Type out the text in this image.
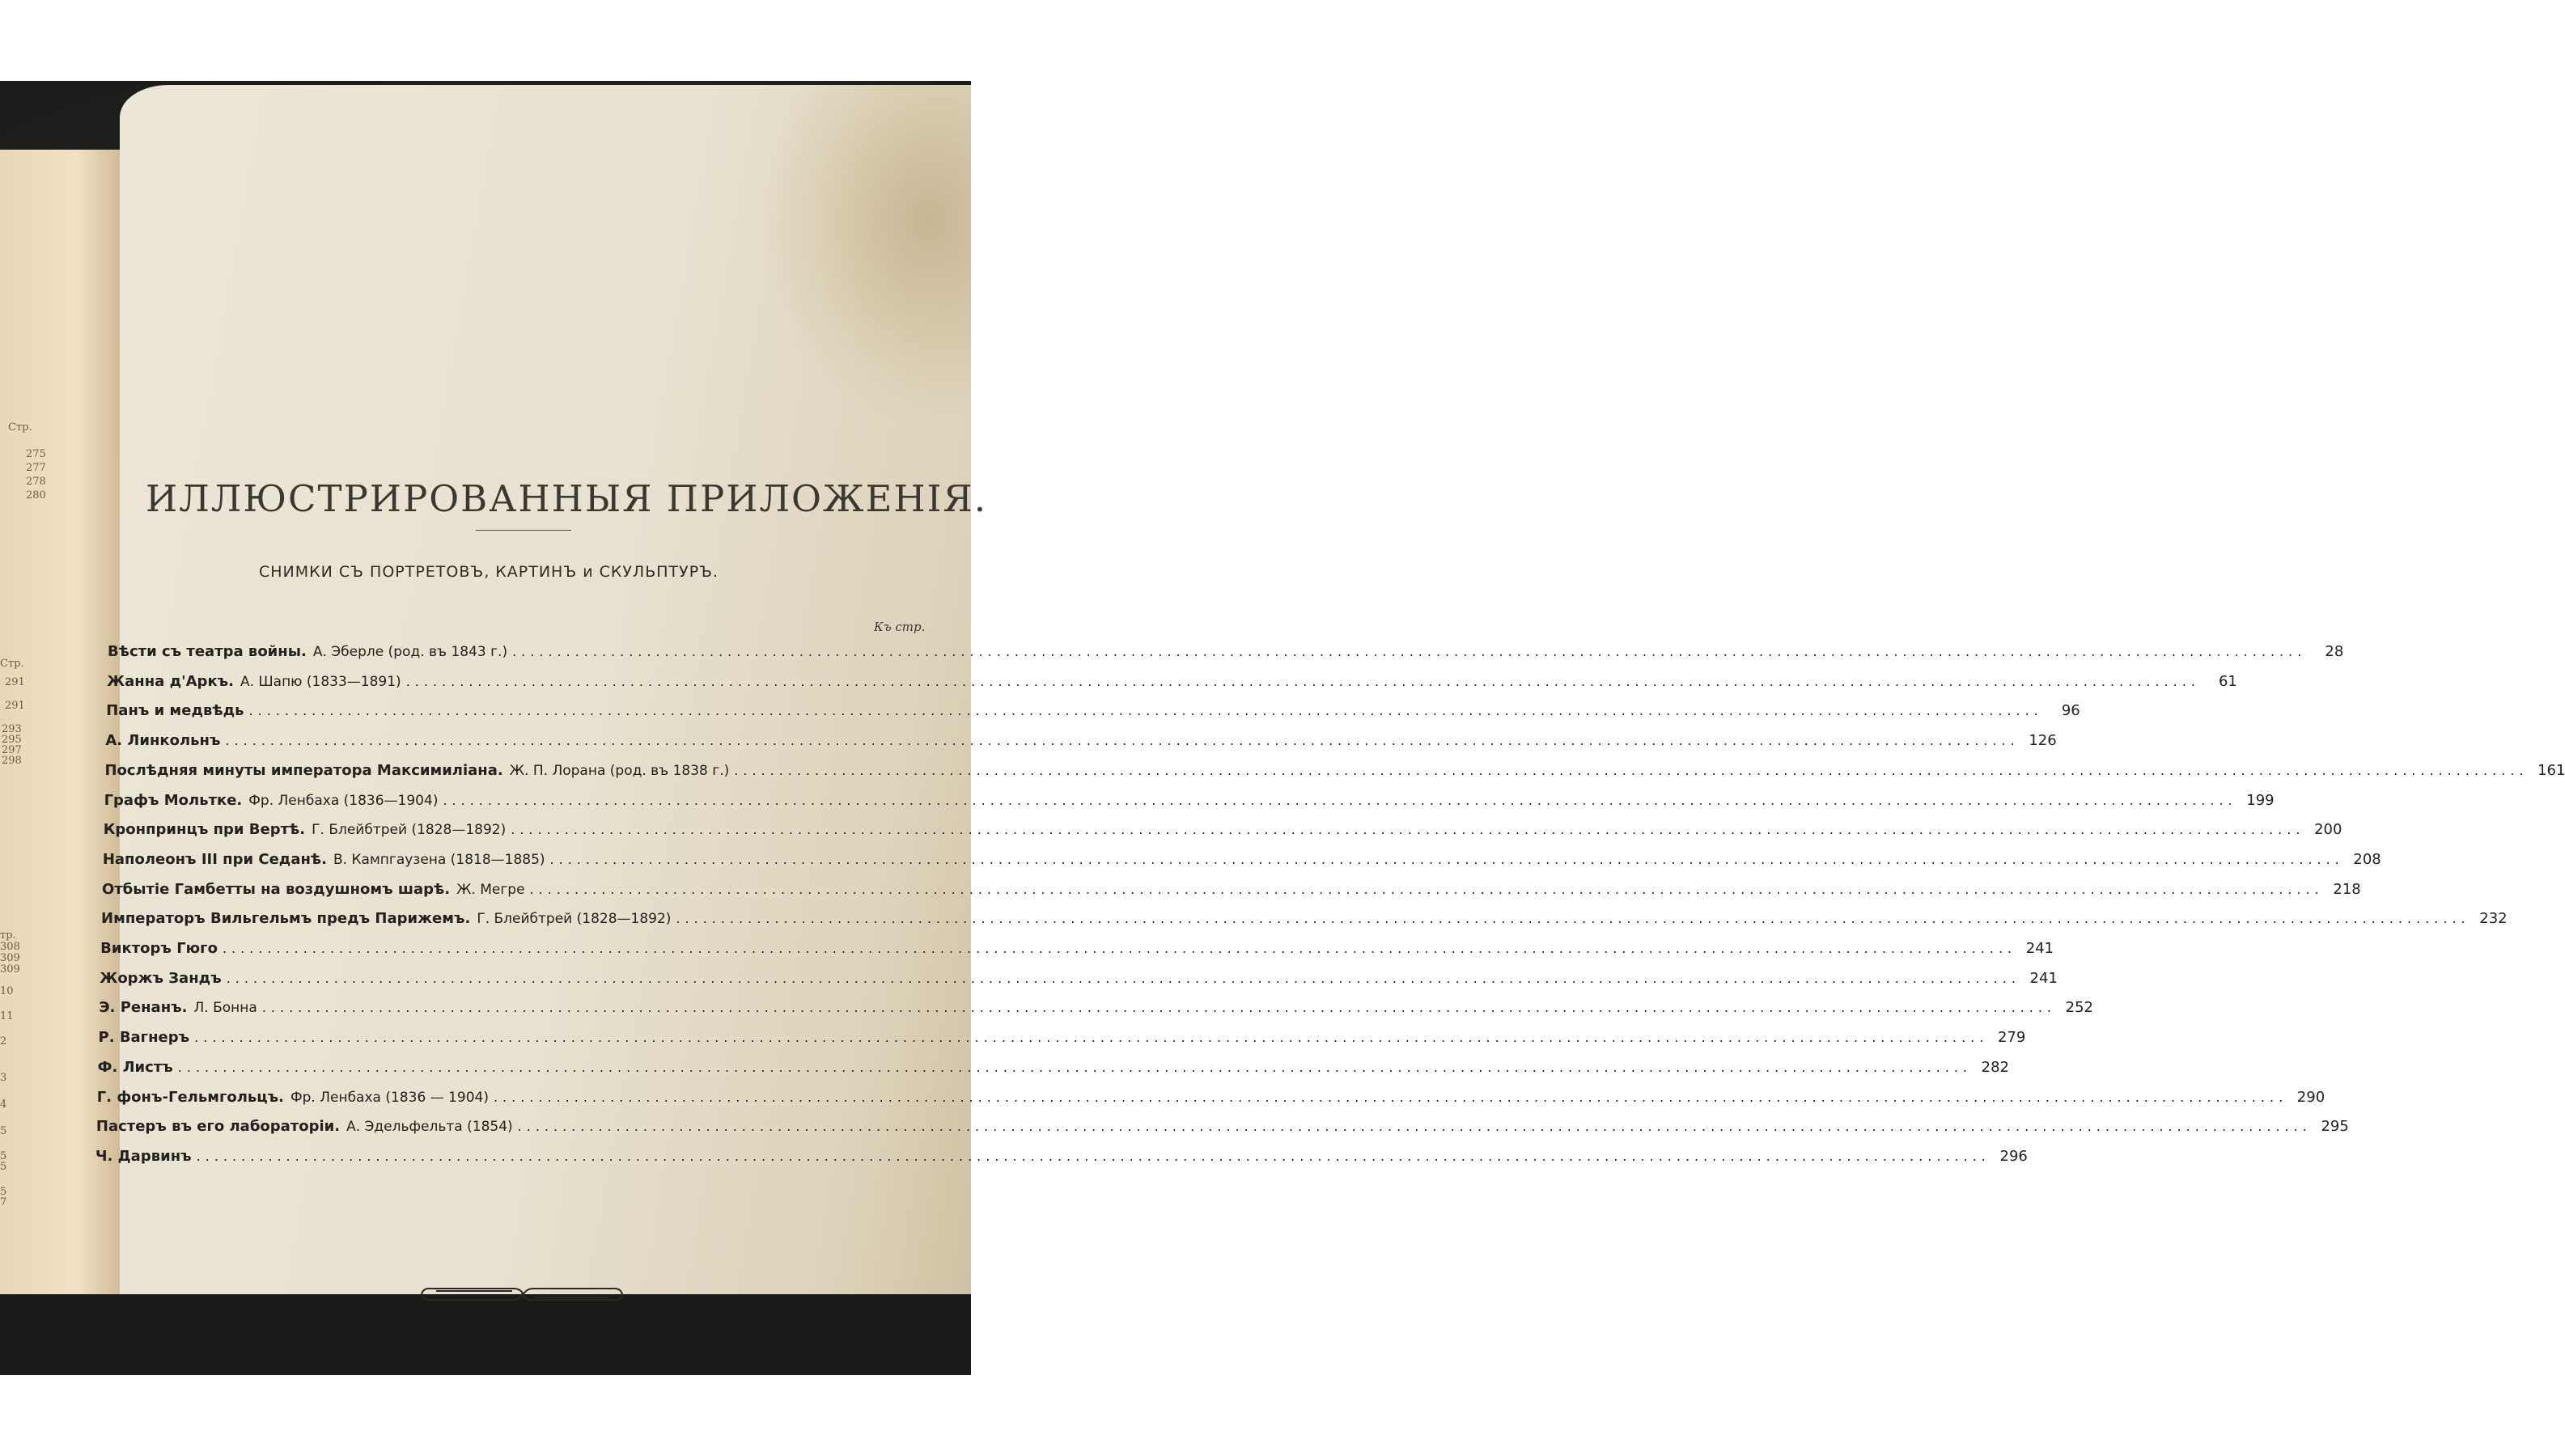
Стр.
275
277
278
280
Стр.
291
291
293
295
297
298
тр.
308
309
309
10
11
2
3
4
5
5
5
5
7
ИЛЛЮСТРИРОВАННЫЯ ПРИЛОЖЕНІЯ.
СНИМКИ СЪ ПОРТРЕТОВЪ, КАРТИНЪ и СКУЛЬПТУРЪ.
Къ стр.
Вѣсти съ театра войны. А. Эберле (род. въ 1843 г.) ........................................................................................................................................................................................................	28
Жанна д'Аркъ. А. Шапю (1833—1891) ........................................................................................................................................................................................................	61
Панъ и медвѣдь ........................................................................................................................................................................................................	96
А. Линкольнъ ........................................................................................................................................................................................................ 126
Послѣдняя минуты императора Максимиліана. Ж. П. Лорана (род. въ 1838 г.) ........................................................................................................................................................................................................ 161
Графъ Мольтке. Фр. Ленбаха (1836—1904) ........................................................................................................................................................................................................ 199
Кронпринцъ при Вертѣ. Г. Блейбтрей (1828—1892) ........................................................................................................................................................................................................ 200
Наполеонъ III при Седанѣ. В. Кампгаузена (1818—1885) ........................................................................................................................................................................................................ 208
Отбытіе Гамбетты на воздушномъ шарѣ. Ж. Мегре ........................................................................................................................................................................................................ 218
Императоръ Вильгельмъ предъ Парижемъ. Г. Блейбтрей (1828—1892) ........................................................................................................................................................................................................ 232
Викторъ Гюго ........................................................................................................................................................................................................ 241
Жоржъ Зандъ ........................................................................................................................................................................................................ 241
Э. Ренанъ. Л. Бонна ........................................................................................................................................................................................................ 252
Р. Вагнеръ ........................................................................................................................................................................................................ 279
Ф. Листъ ........................................................................................................................................................................................................ 282
Г. фонъ-Гельмгольцъ. Фр. Ленбаха (1836 — 1904) ........................................................................................................................................................................................................ 290
Пастеръ въ его лабораторіи. А. Эдельфельта (1854) ........................................................................................................................................................................................................ 295
Ч. Дарвинъ ........................................................................................................................................................................................................ 296
